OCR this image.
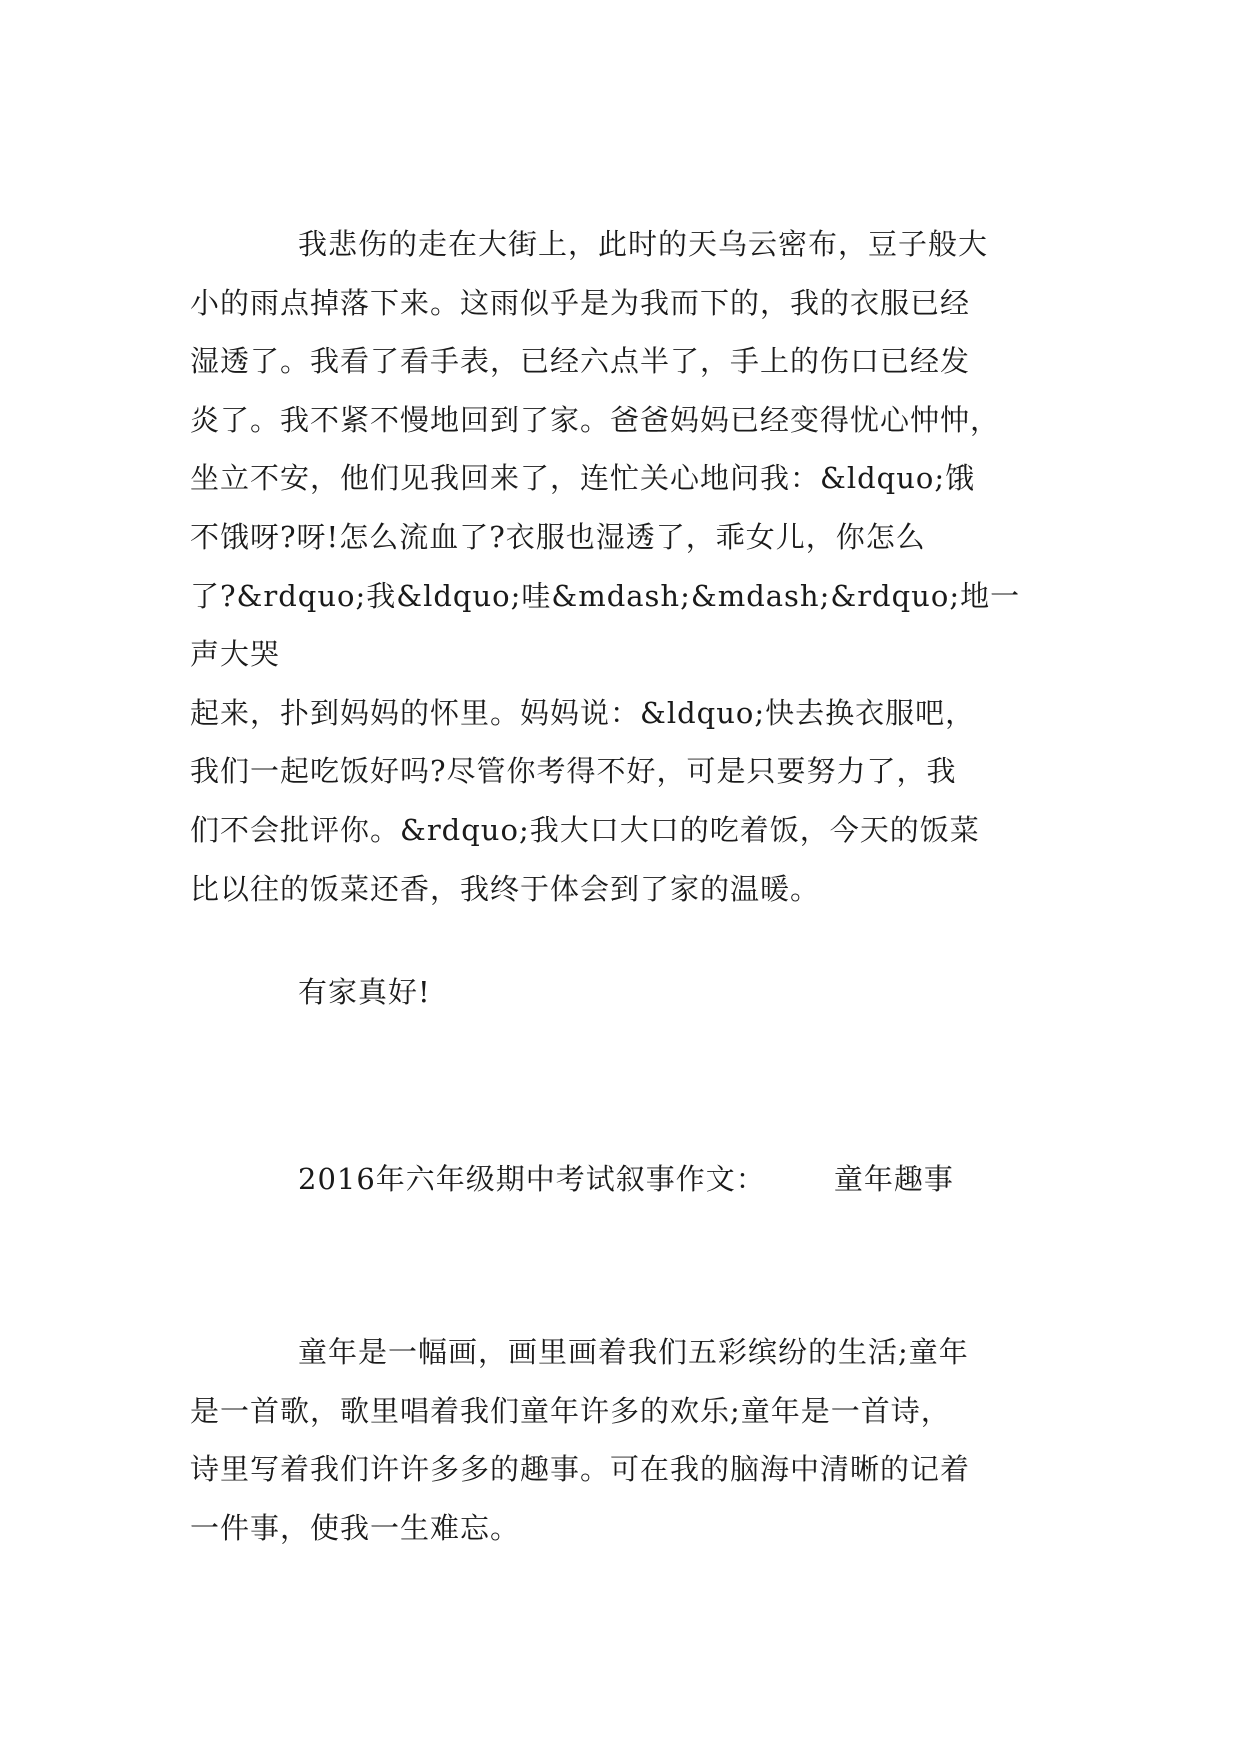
我悲伤的走在大街上，此时的天乌云密布，豆子般大
小的雨点掉落下来。这雨似乎是为我而下的，我的衣服已经
湿透了。我看了看手表，已经六点半了，手上的伤口已经发
炎了。我不紧不慢地回到了家。爸爸妈妈已经变得忧心忡忡，
坐立不安，他们见我回来了，连忙关心地问我：&ldquo;饿
不饿呀?呀!怎么流血了?衣服也湿透了，乖女儿，你怎么
了?&rdquo;我&ldquo;哇&mdash;&mdash;&rdquo;地一声大哭
起来，扑到妈妈的怀里。妈妈说：&ldquo;快去换衣服吧，
我们一起吃饭好吗?尽管你考得不好，可是只要努力了，我
们不会批评你。&rdquo;我大口大口的吃着饭，今天的饭菜
比以往的饭菜还香，我终于体会到了家的温暖。
有家真好!
2016年六年级期中考试叙事作文： 童年趣事
童年是一幅画，画里画着我们五彩缤纷的生活;童年
是一首歌，歌里唱着我们童年许多的欢乐;童年是一首诗，
诗里写着我们许许多多的趣事。可在我的脑海中清晰的记着
一件事，使我一生难忘。
